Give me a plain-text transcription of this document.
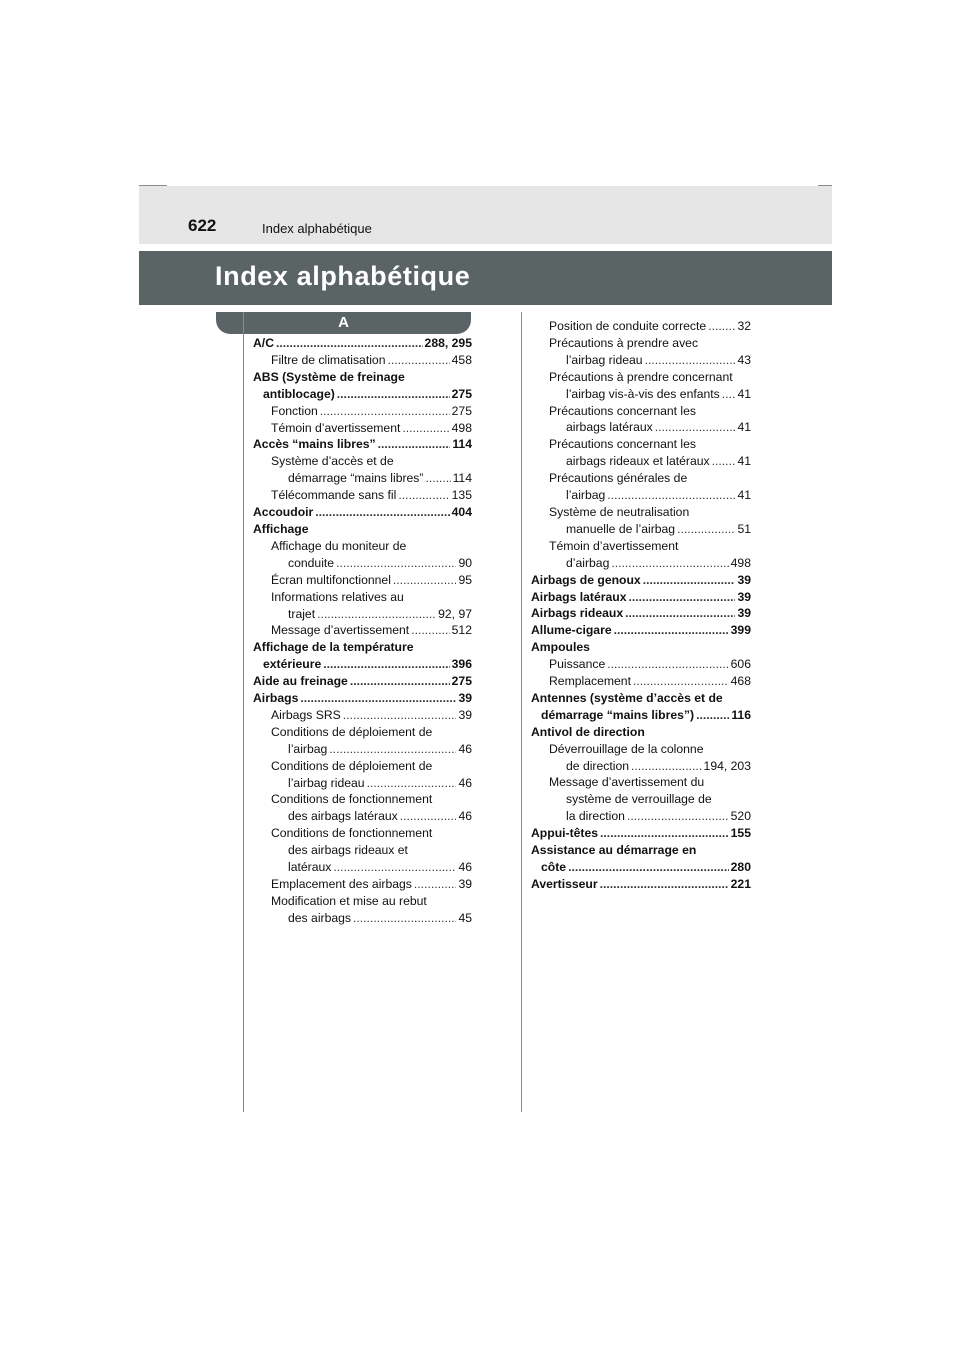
622	Index alphabétique
Index alphabétique
A
A/C .....	288, 295
Filtre de climatisation .....	458
ABS (Système de freinage
antiblocage) .....	275
Fonction .....	275
Témoin d’avertissement .....	498
Accès “mains libres” .....	114
Système d’accès et de
démarrage “mains libres” ..... 114
Télécommande sans fil .....	135
Accoudoir .....	404
Affichage
Affichage du moniteur de
conduite .....	90
Écran multifonctionnel .....	95
Informations relatives au
trajet .....	92, 97
Message d’avertissement .....	512
Affichage de la température
extérieure .....	396
Aide au freinage .....	275
Airbags .....	39
Airbags SRS .....	39
Conditions de déploiement de
l’airbag .....	46
Conditions de déploiement de
l’airbag rideau .....	46
Conditions de fonctionnement
des airbags latéraux .....	46
Conditions de fonctionnement
des airbags rideaux et
latéraux .....	46
Emplacement des airbags .....	39
Modification et mise au rebut
des airbags .....	45
Position de conduite correcte .....	32
Précautions à prendre avec
l’airbag rideau .....	43
Précautions à prendre concernant
l’airbag vis-à-vis des enfants ..... 41
Précautions concernant les
airbags latéraux .....	41
Précautions concernant les
airbags rideaux et latéraux ..... 41
Précautions générales de
l’airbag .....	41
Système de neutralisation
manuelle de l’airbag .....	51
Témoin d’avertissement
d’airbag .....	498
Airbags de genoux .....	39
Airbags latéraux .....	39
Airbags rideaux .....	39
Allume-cigare .....	399
Ampoules
Puissance .....	606
Remplacement .....	468
Antennes (système d’accès et de
démarrage “mains libres”) .....	116
Antivol de direction
Déverrouillage de la colonne
de direction .....	194, 203
Message d’avertissement du
système de verrouillage de
la direction .....	520
Appui-têtes .....	155
Assistance au démarrage en
côte .....	280
Avertisseur .....	221
